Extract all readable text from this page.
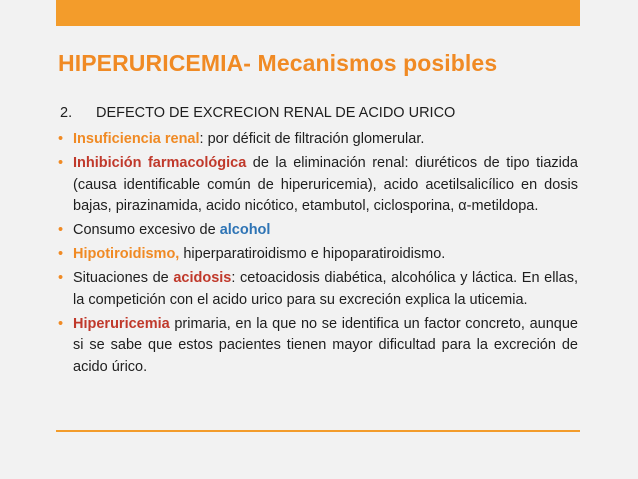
HIPERURICEMIA- Mecanismos posibles
2. DEFECTO DE EXCRECION RENAL DE ACIDO URICO
• Insuficiencia renal: por déficit de filtración glomerular.
• Inhibición farmacológica de la eliminación renal: diuréticos de tipo tiazida (causa identificable común de hiperuricemia), acido acetilsalicílico en dosis bajas, pirazinamida, acido nicótico, etambutol, ciclosporina, α-metildopa.
• Consumo excesivo de alcohol
• Hipotiroidismo, hiperparatiroidismo e hipoparatiroidismo.
• Situaciones de acidosis: cetoacidosis diabética, alcohólica y láctica. En ellas, la competición con el acido urico para su excreción explica la uticemia.
• Hiperuricemia primaria, en la que no se identifica un factor concreto, aunque si se sabe que estos pacientes tienen mayor dificultad para la excreción de acido úrico.
